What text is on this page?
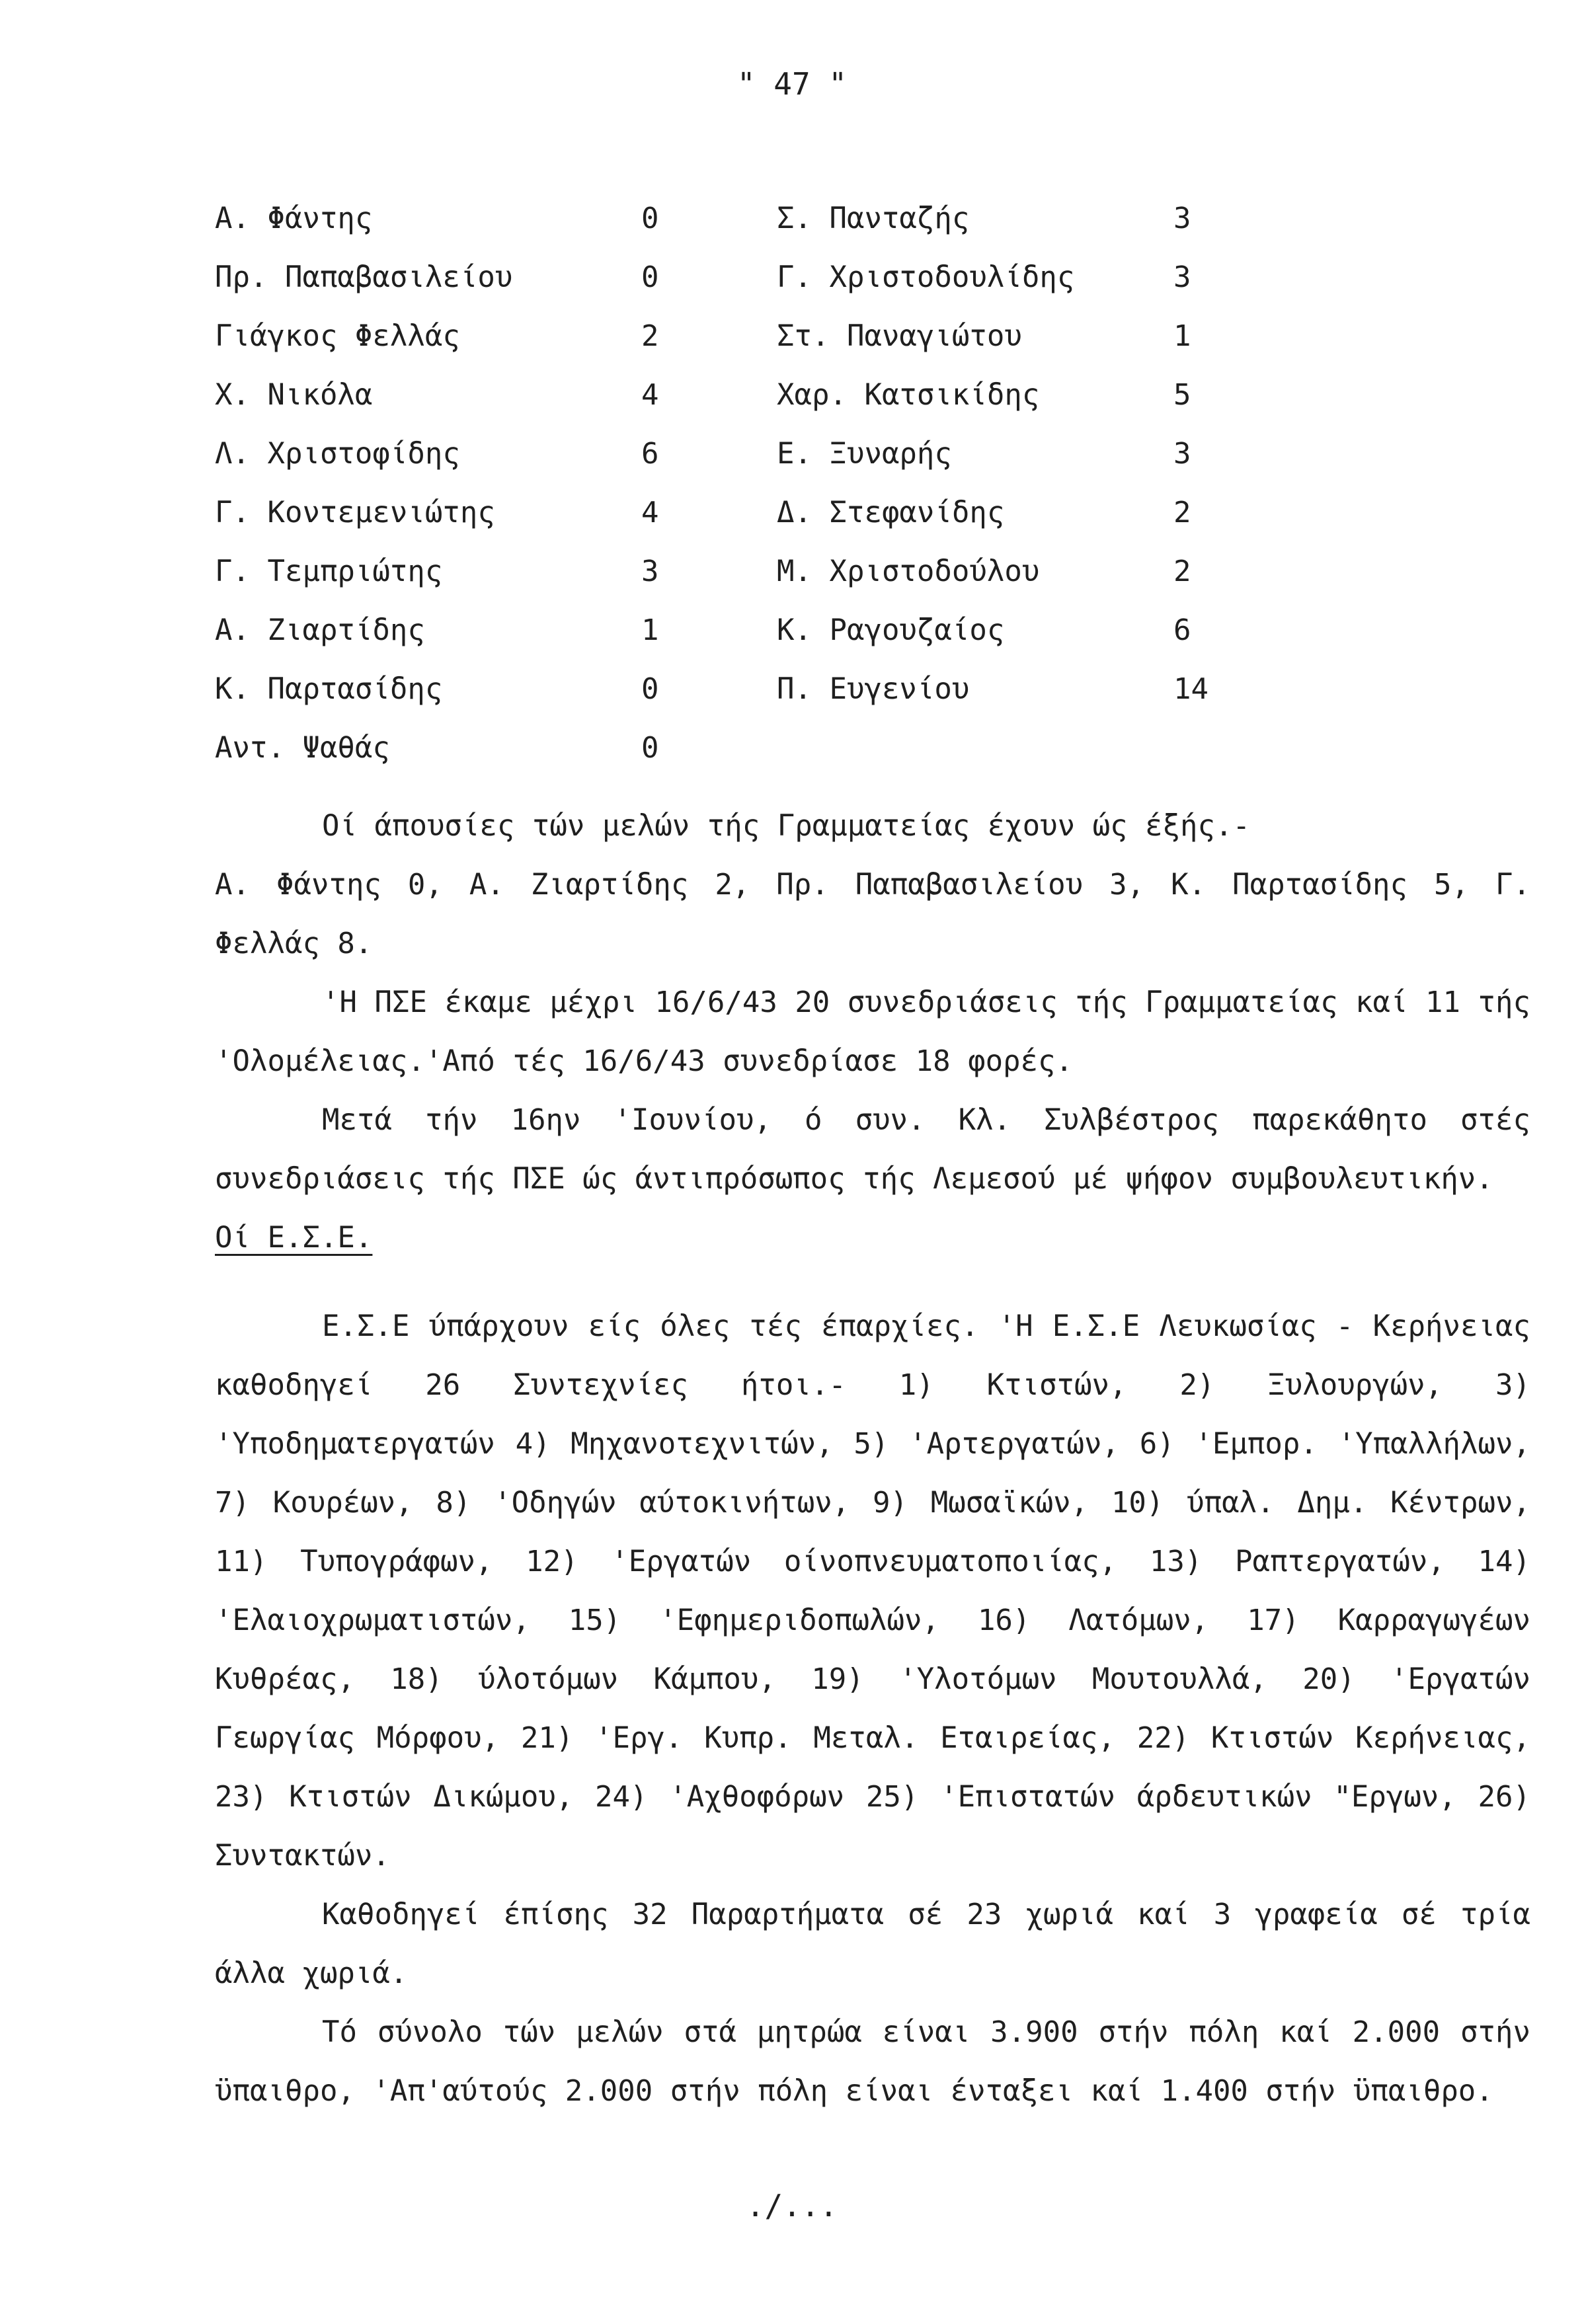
" 47 "
Α. Φάντης	0	Σ. Πανταζής	3
Πρ. Παπαβασιλείου	0	Γ. Χριστοδουλίδης	3
Γιάγκος Φελλάς	2	Στ. Παναγιώτου	1
Χ. Νικόλα	4	Χαρ. Κατσικίδης	5
Λ. Χριστοφίδης	6	Ε. Ξυναρής	3
Γ. Κοντεμενιώτης	4	Δ. Στεφανίδης	2
Γ. Τεμπριώτης	3	Μ. Χριστοδούλου	2
Α. Ζιαρτίδης	1	Κ. Ραγουζαίος	6
Κ. Παρτασίδης	0	Π. Ευγενίου	14
Αντ. Ψαθάς	0

Οί άπουσίες τών μελών τής Γραμματείας έχουν ώς έξής.-

Α. Φάντης 0, Α. Ζιαρτίδης 2, Πρ. Παπαβασιλείου 3, Κ. Παρτασίδης 5, Γ. Φελλάς 8.

'Η ΠΣΕ έκαμε μέχρι 16/6/43 20 συνεδριάσεις τής Γραμματείας καί 11 τής 'Ολομέλειας.'Από τές 16/6/43 συνεδρίασε 18 φορές.

Μετά τήν 16ην 'Ιουνίου, ό συν. Κλ. Συλβέστρος παρεκάθητο στές συνεδριάσεις τής ΠΣΕ ώς άντιπρόσωπος τής Λεμεσού μέ ψήφον συμβουλευτικήν.

Οί Ε.Σ.Ε.

Ε.Σ.Ε ύπάρχουν είς όλες τές έπαρχίες. 'Η Ε.Σ.Ε Λευκωσίας - Κερήνειας καθοδηγεί 26 Συντεχνίες ήτοι.- 1) Κτιστών, 2) Ξυλουργών, 3) 'Υποδηματεργατών 4) Μηχανοτεχνιτών, 5) 'Αρτεργατών, 6) 'Εμπορ. 'Υπαλλήλων, 7) Κουρέων, 8) 'Οδηγών αύτοκινήτων, 9) Μωσαϊκών, 10) ύπαλ. Δημ. Κέντρων, 11) Τυπογράφων, 12) 'Εργατών οίνοπνευματοποιίας, 13) Ραπτεργατών, 14) 'Ελαιοχρωματιστών, 15) 'Εφημεριδοπωλών, 16) Λατόμων, 17) Καρραγωγέων Κυθρέας, 18) ύλοτόμων Κάμπου, 19) 'Υλοτόμων Μουτουλλά, 20) 'Εργατών Γεωργίας Μόρφου, 21) 'Εργ. Κυπρ. Μεταλ. Εταιρείας, 22) Κτιστών Κερήνειας, 23) Κτιστών Δικώμου, 24) 'Αχθοφόρων 25) 'Επιστατών άρδευτικών "Εργων, 26) Συντακτών.

Καθοδηγεί έπίσης 32 Παραρτήματα σέ 23 χωριά καί 3 γραφεία σέ τρία άλλα χωριά.

Τό σύνολο τών μελών στά μητρώα είναι 3.900 στήν πόλη καί 2.000 στήν ϋπαιθρο, 'Απ'αύτούς 2.000 στήν πόλη είναι ένταξει καί 1.400 στήν ϋπαιθρο.

./...
